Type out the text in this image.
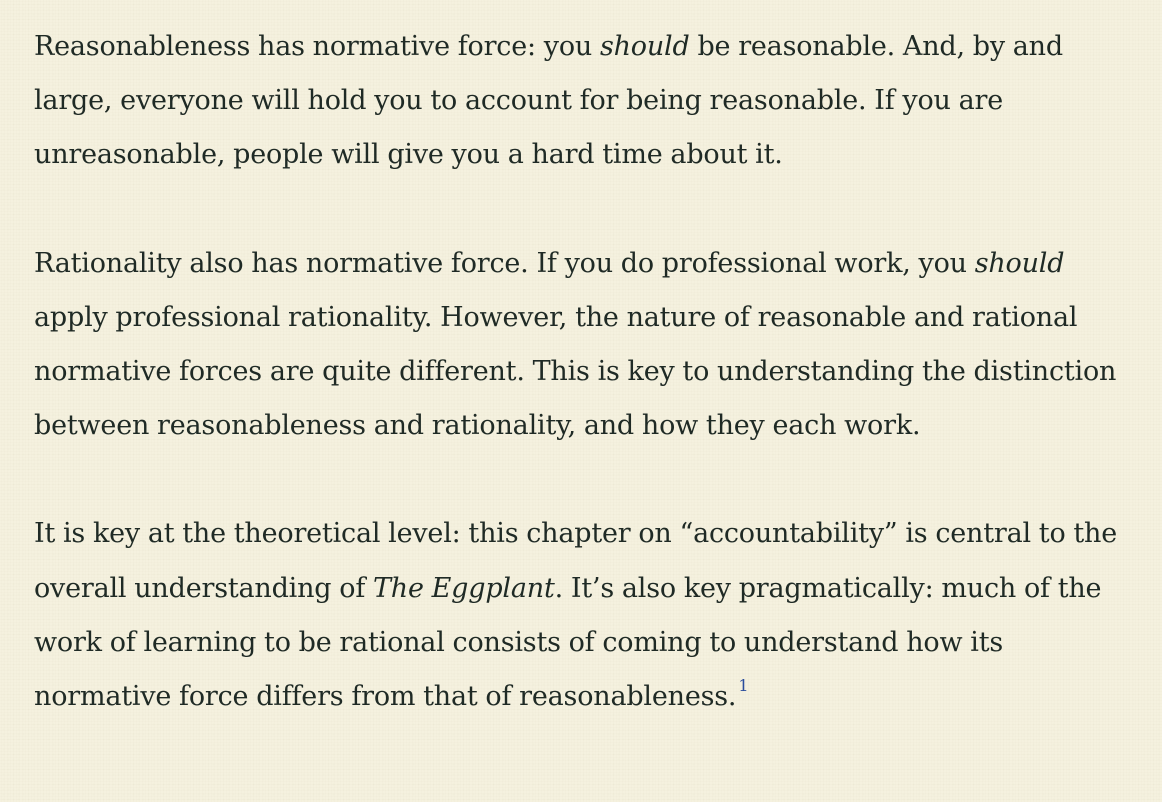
Reasonableness has normative force: you should be reasonable. And, by and large, everyone will hold you to account for being reasonable. If you are unreasonable, people will give you a hard time about it.

Rationality also has normative force. If you do professional work, you should apply professional rationality. However, the nature of reasonable and rational normative forces are quite different. This is key to understanding the distinction between reasonableness and rationality, and how they each work.

It is key at the theoretical level: this chapter on “accountability” is central to the overall understanding of The Eggplant. It’s also key pragmatically: much of the work of learning to be rational consists of coming to understand how its normative force differs from that of reasonableness. $^1$
